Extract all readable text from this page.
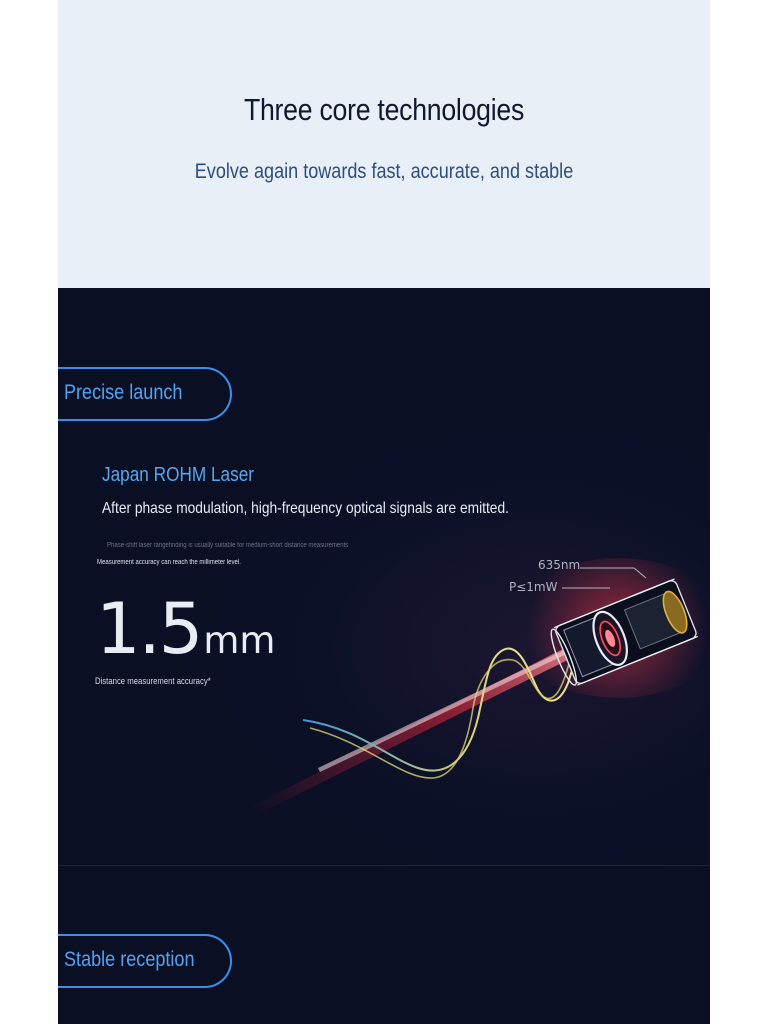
Three core technologies
Evolve again towards fast, accurate, and stable
635nm
P≤1mW
Precise launch
Japan ROHM Laser
After phase modulation, high-frequency optical signals are emitted.
Phase-shift laser rangefinding is usually suitable for medium-short distance measurements
Measurement accuracy can reach the millimeter level.
1.5mm
Distance measurement accuracy*
Stable reception
